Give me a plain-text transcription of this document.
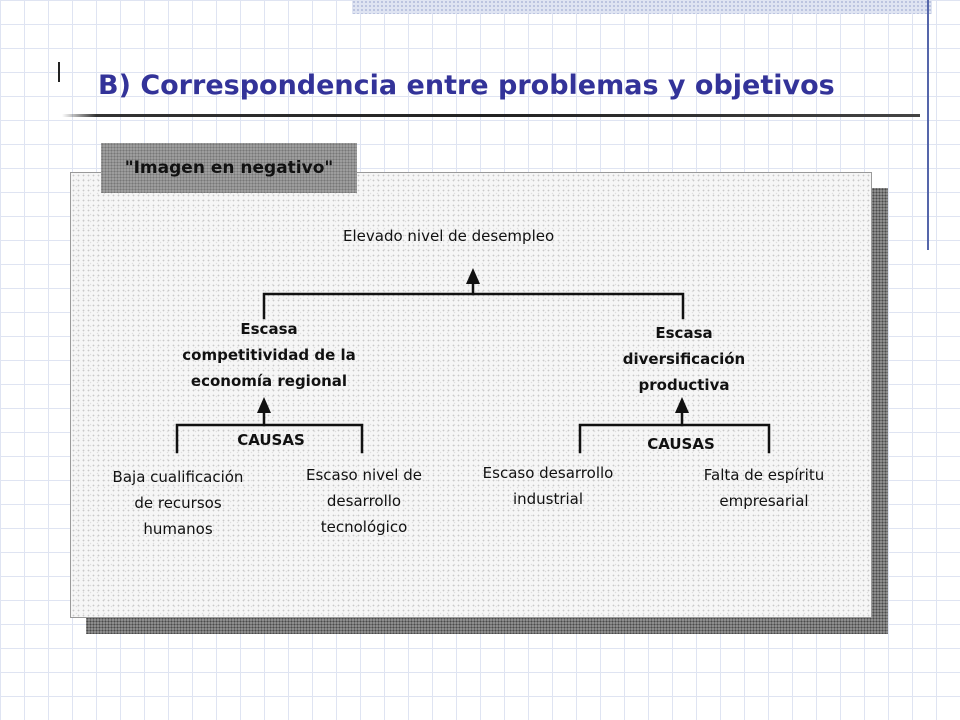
B) Correspondencia entre problemas y objetivos
"Imagen en negativo"
Elevado nivel de desempleo
Escasa
competitividad de la
economía regional
Escasa
diversificación
productiva
CAUSAS	CAUSAS
Baja cualificación
de recursos
humanos
Escaso nivel de
desarrollo
tecnológico
Escaso desarrollo
industrial
Falta de espíritu
empresarial
